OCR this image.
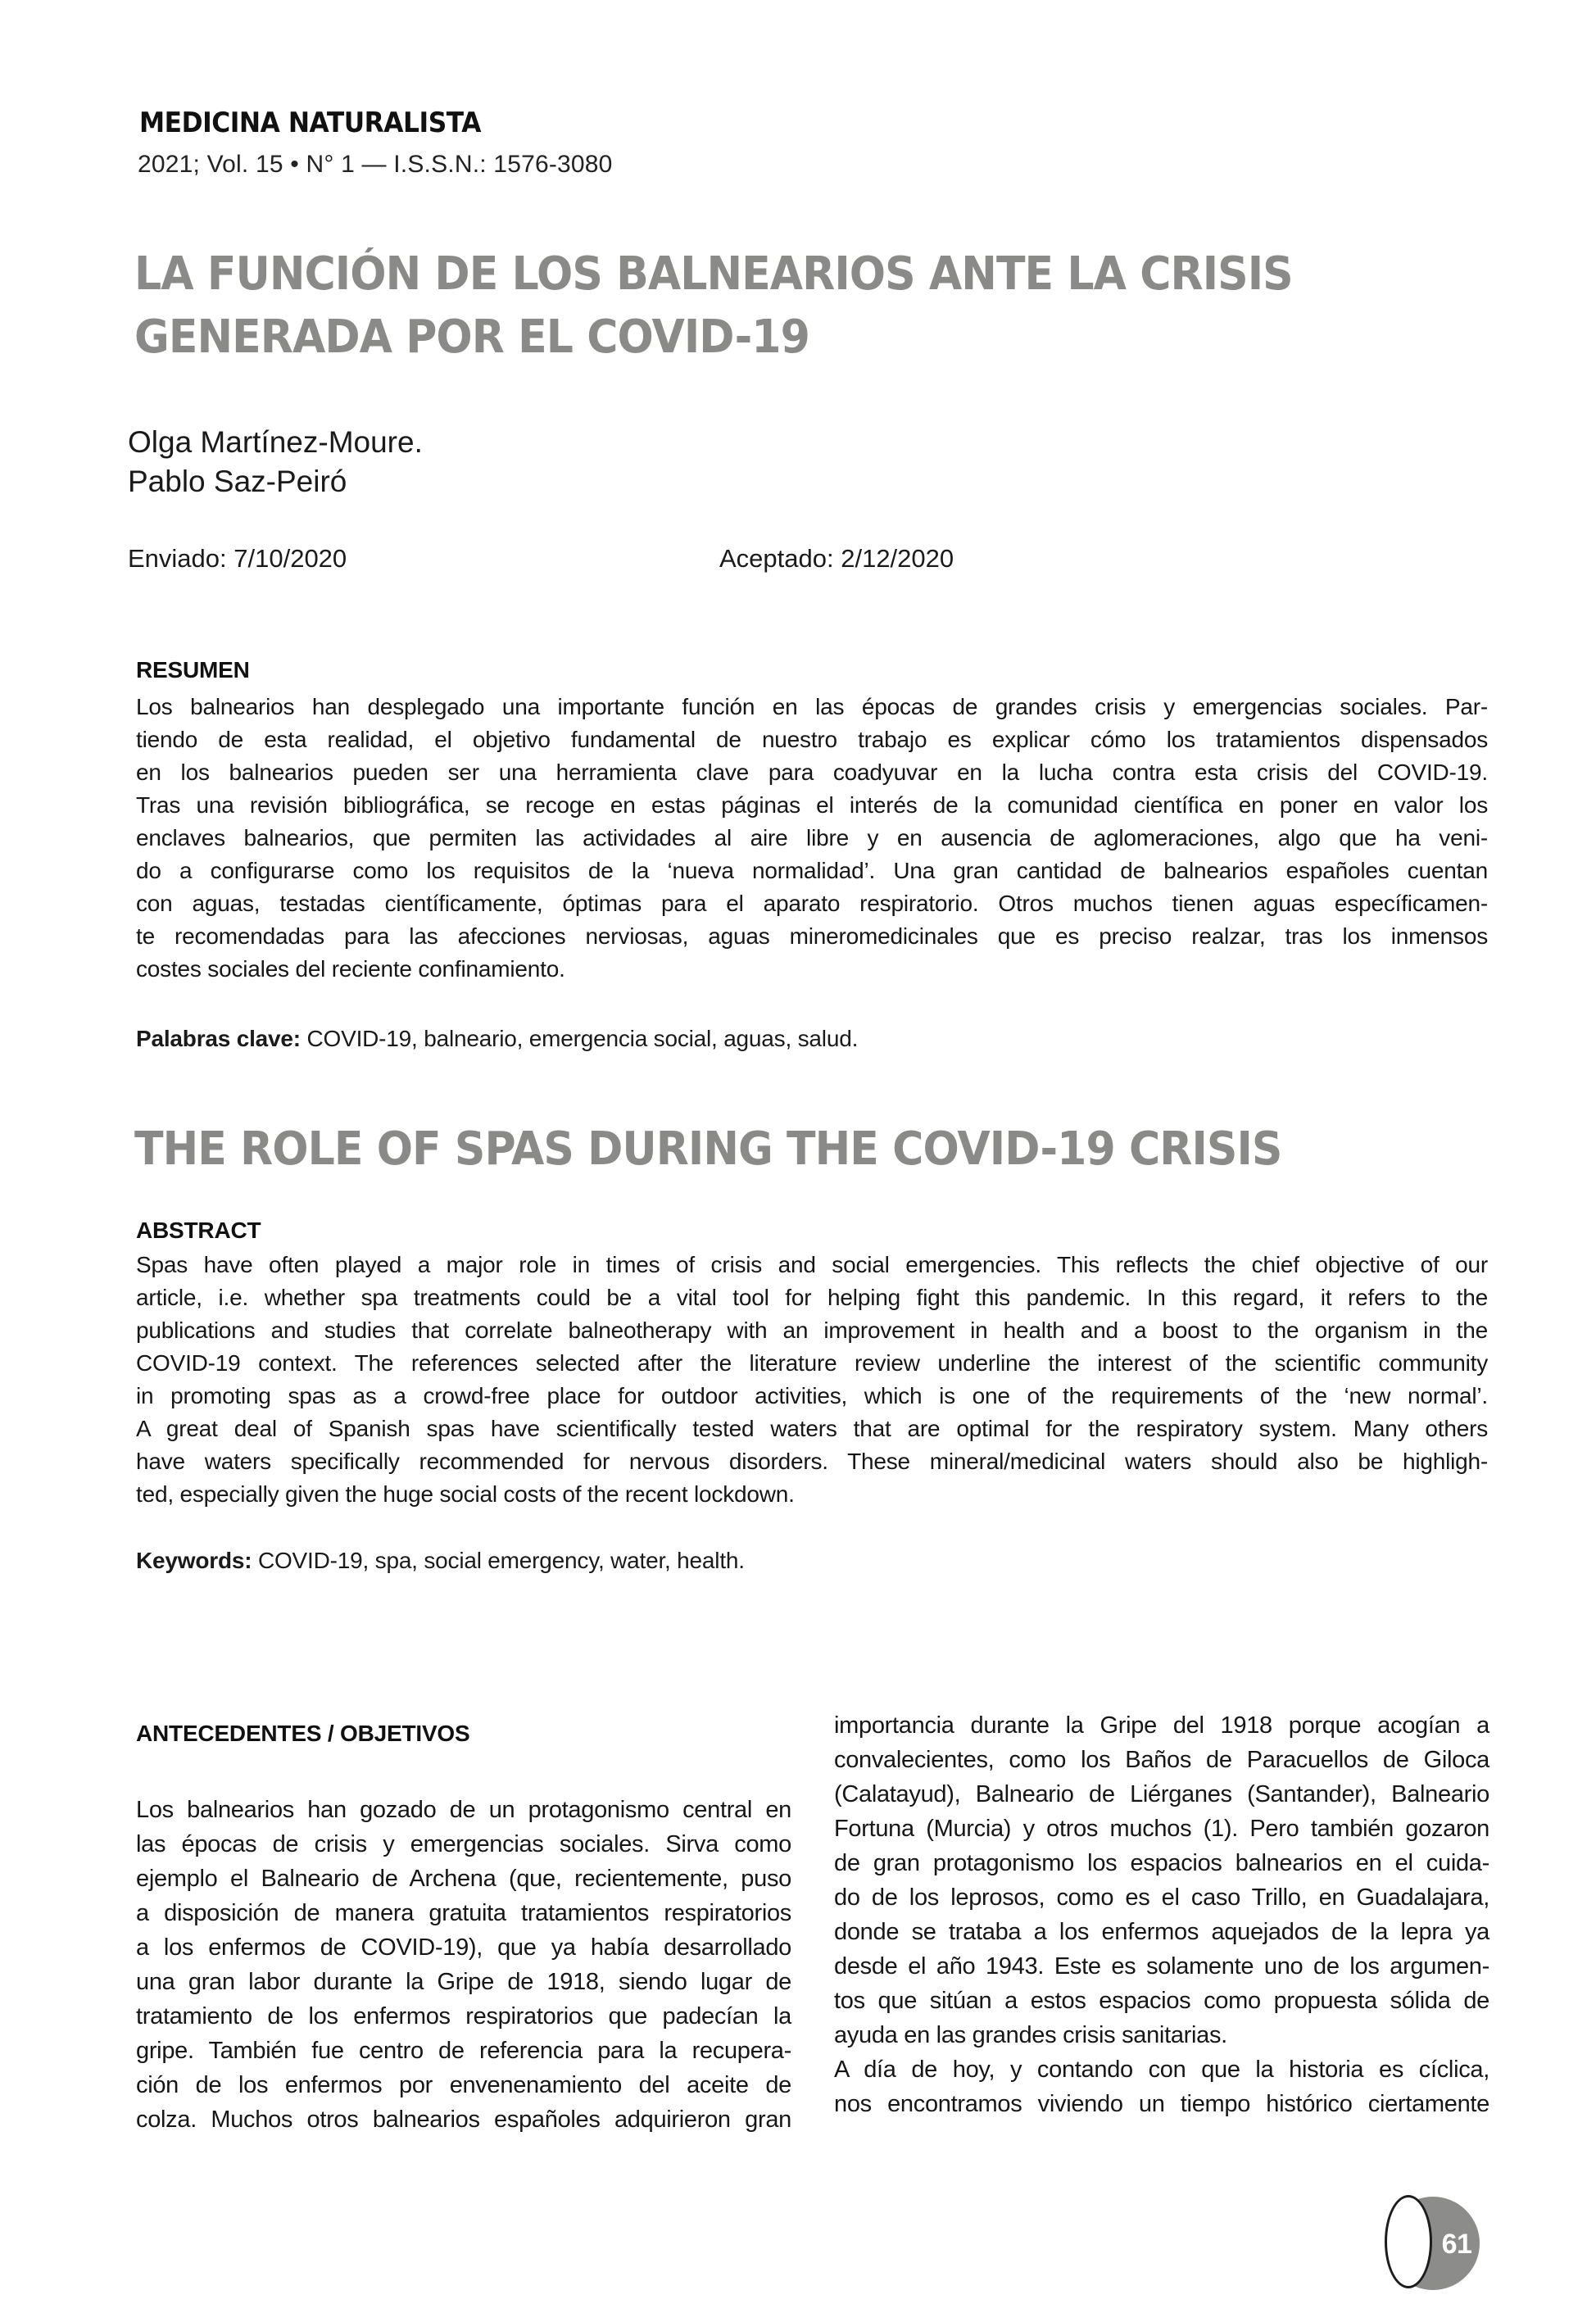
MEDICINA NATURALISTA
2021; Vol. 15 • N° 1 — I.S.S.N.: 1576-3080
LA FUNCIÓN DE LOS BALNEARIOS ANTE LA CRISIS
GENERADA POR EL COVID-19
Olga Martínez-Moure.
Pablo Saz-Peiró
Enviado: 7/10/2020	Aceptado: 2/12/2020
RESUMEN
Los balnearios han desplegado una importante función en las épocas de grandes crisis y emergencias sociales. Par-
tiendo de esta realidad, el objetivo fundamental de nuestro trabajo es explicar cómo los tratamientos dispensados
en los balnearios pueden ser una herramienta clave para coadyuvar en la lucha contra esta crisis del COVID-19.
Tras una revisión bibliográfica, se recoge en estas páginas el interés de la comunidad científica en poner en valor los
enclaves balnearios, que permiten las actividades al aire libre y en ausencia de aglomeraciones, algo que ha veni-
do a configurarse como los requisitos de la ‘nueva normalidad’. Una gran cantidad de balnearios españoles cuentan
con aguas, testadas científicamente, óptimas para el aparato respiratorio. Otros muchos tienen aguas específicamen-
te recomendadas para las afecciones nerviosas, aguas mineromedicinales que es preciso realzar, tras los inmensos
costes sociales del reciente confinamiento.
Palabras clave: COVID-19, balneario, emergencia social, aguas, salud.
THE ROLE OF SPAS DURING THE COVID-19 CRISIS
ABSTRACT
Spas have often played a major role in times of crisis and social emergencies. This reflects the chief objective of our
article, i.e. whether spa treatments could be a vital tool for helping fight this pandemic. In this regard, it refers to the
publications and studies that correlate balneotherapy with an improvement in health and a boost to the organism in the
COVID-19 context. The references selected after the literature review underline the interest of the scientific community
in promoting spas as a crowd-free place for outdoor activities, which is one of the requirements of the ‘new normal’.
A great deal of Spanish spas have scientifically tested waters that are optimal for the respiratory system. Many others
have waters specifically recommended for nervous disorders. These mineral/medicinal waters should also be highligh-
ted, especially given the huge social costs of the recent lockdown.
Keywords: COVID-19, spa, social emergency, water, health.
ANTECEDENTES / OBJETIVOS
Los balnearios han gozado de un protagonismo central en
las épocas de crisis y emergencias sociales. Sirva como
ejemplo el Balneario de Archena (que, recientemente, puso
a disposición de manera gratuita tratamientos respiratorios
a los enfermos de COVID-19), que ya había desarrollado
una gran labor durante la Gripe de 1918, siendo lugar de
tratamiento de los enfermos respiratorios que padecían la
gripe. También fue centro de referencia para la recupera-
ción de los enfermos por envenenamiento del aceite de
colza. Muchos otros balnearios españoles adquirieron gran
importancia durante la Gripe del 1918 porque acogían a
convalecientes, como los Baños de Paracuellos de Giloca
(Calatayud), Balneario de Liérganes (Santander), Balneario
Fortuna (Murcia) y otros muchos (1). Pero también gozaron
de gran protagonismo los espacios balnearios en el cuida-
do de los leprosos, como es el caso Trillo, en Guadalajara,
donde se trataba a los enfermos aquejados de la lepra ya
desde el año 1943. Este es solamente uno de los argumen-
tos que sitúan a estos espacios como propuesta sólida de
ayuda en las grandes crisis sanitarias.
A día de hoy, y contando con que la historia es cíclica,
nos encontramos viviendo un tiempo histórico ciertamente
61
